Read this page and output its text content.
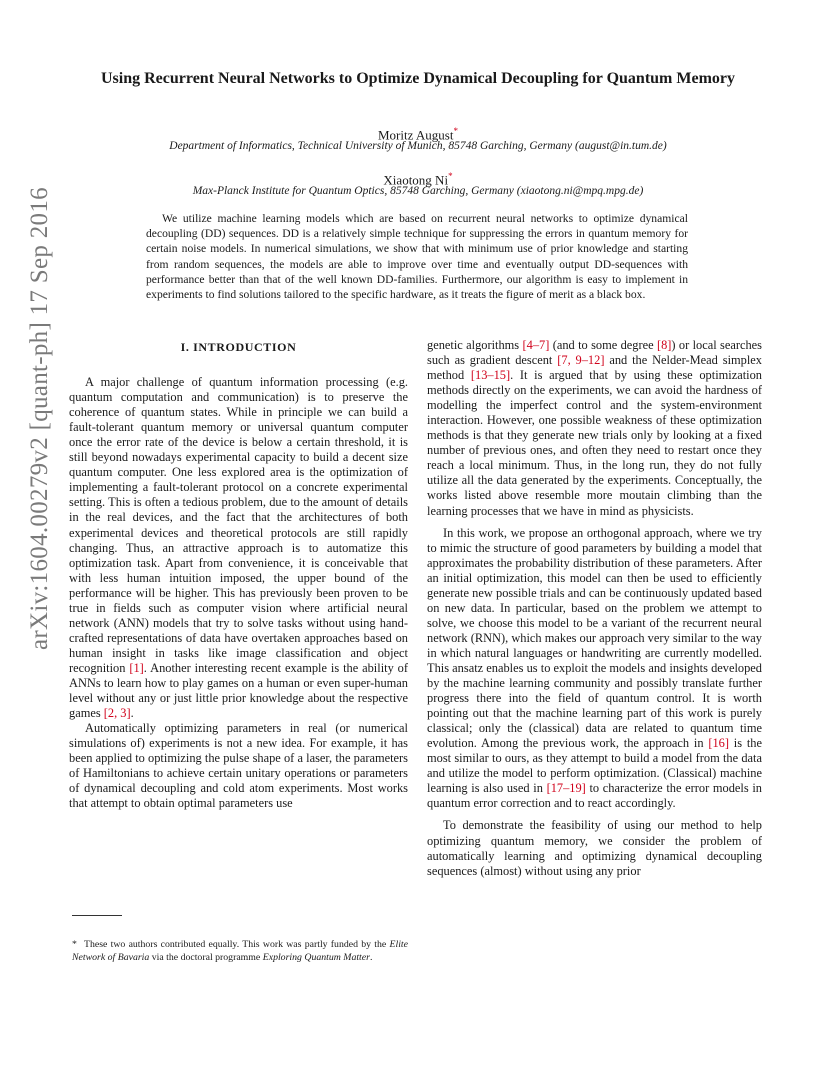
arXiv:1604.00279v2 [quant-ph] 17 Sep 2016
Using Recurrent Neural Networks to Optimize Dynamical Decoupling for Quantum Memory
Moritz August*
Department of Informatics, Technical University of Munich, 85748 Garching, Germany (august@in.tum.de)
Xiaotong Ni*
Max-Planck Institute for Quantum Optics, 85748 Garching, Germany (xiaotong.ni@mpq.mpg.de)
We utilize machine learning models which are based on recurrent neural networks to optimize dynamical decoupling (DD) sequences. DD is a relatively simple technique for suppressing the errors in quantum memory for certain noise models. In numerical simulations, we show that with minimum use of prior knowledge and starting from random sequences, the models are able to improve over time and eventually output DD-sequences with performance better than that of the well known DD-families. Furthermore, our algorithm is easy to implement in experiments to find solutions tailored to the specific hardware, as it treats the figure of merit as a black box.
I. INTRODUCTION

A major challenge of quantum information processing (e.g. quantum computation and communication) is to preserve the coherence of quantum states. While in principle we can build a fault-tolerant quantum memory or universal quantum computer once the error rate of the device is below a certain threshold, it is still beyond nowadays experimental capacity to build a decent size quantum computer. One less explored area is the optimization of implementing a fault-tolerant protocol on a concrete experimental setting. This is often a tedious problem, due to the amount of details in the real devices, and the fact that the architectures of both experimental devices and theoretical protocols are still rapidly changing. Thus, an attractive approach is to automatize this optimization task. Apart from convenience, it is conceivable that with less human intuition imposed, the upper bound of the performance will be higher. This has previously been proven to be true in fields such as computer vision where artificial neural network (ANN) models that try to solve tasks without using hand-crafted representations of data have overtaken approaches based on human insight in tasks like image classification and object recognition [1]. Another interesting recent example is the ability of ANNs to learn how to play games on a human or even super-human level without any or just little prior knowledge about the respective games [2, 3].

Automatically optimizing parameters in real (or numerical simulations of) experiments is not a new idea. For example, it has been applied to optimizing the pulse shape of a laser, the parameters of Hamiltonians to achieve certain unitary operations or parameters of dynamical decoupling and cold atom experiments. Most works that attempt to obtain optimal parameters use

genetic algorithms [4–7] (and to some degree [8]) or local searches such as gradient descent [7, 9–12] and the Nelder-Mead simplex method [13–15]. It is argued that by using these optimization methods directly on the experiments, we can avoid the hardness of modelling the imperfect control and the system-environment interaction. However, one possible weakness of these optimization methods is that they generate new trials only by looking at a fixed number of previous ones, and often they need to restart once they reach a local minimum. Thus, in the long run, they do not fully utilize all the data generated by the experiments. Conceptually, the works listed above resemble more moutain climbing than the learning processes that we have in mind as physicists.

In this work, we propose an orthogonal approach, where we try to mimic the structure of good parameters by building a model that approximates the probability distribution of these parameters. After an initial optimization, this model can then be used to efficiently generate new possible trials and can be continuously updated based on new data. In particular, based on the problem we attempt to solve, we choose this model to be a variant of the recurrent neural network (RNN), which makes our approach very similar to the way in which natural languages or handwriting are currently modelled. This ansatz enables us to exploit the models and insights developed by the machine learning community and possibly translate further progress there into the field of quantum control. It is worth pointing out that the machine learning part of this work is purely classical; only the (classical) data are related to quantum time evolution. Among the previous work, the approach in [16] is the most similar to ours, as they attempt to build a model from the data and utilize the model to perform optimization. (Classical) machine learning is also used in [17–19] to characterize the error models in quantum error correction and to react accordingly.

To demonstrate the feasibility of using our method to help optimizing quantum memory, we consider the problem of automatically learning and optimizing dynamical decoupling sequences (almost) without using any prior

* These two authors contributed equally. This work was partly funded by the Elite Network of Bavaria via the doctoral programme Exploring Quantum Matter.
